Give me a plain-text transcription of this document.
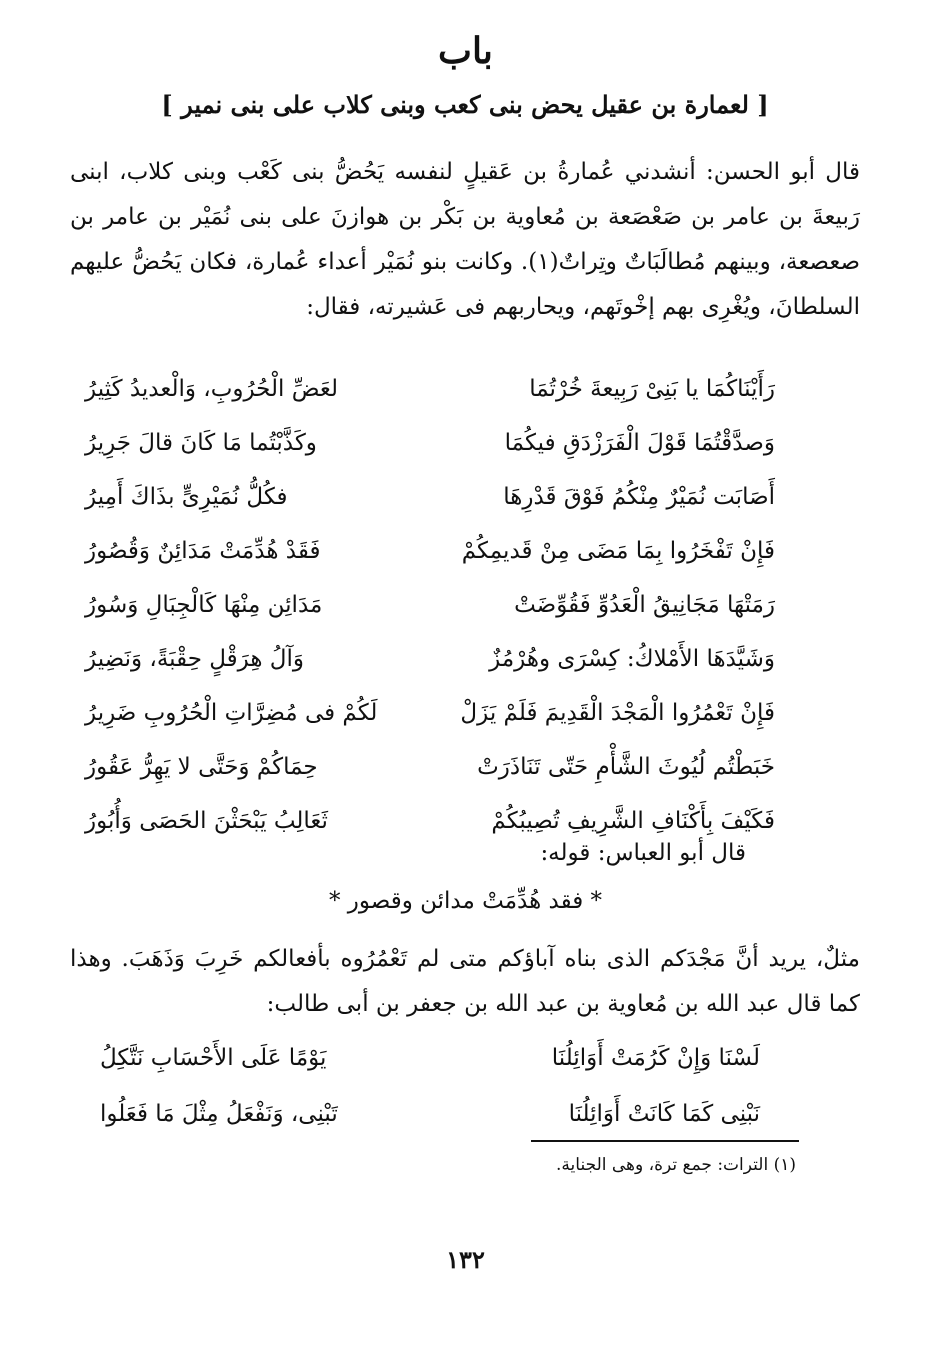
باب
[ لعمارة بن عقيل يحض بنى كعب وبنى كلاب على بنى نمير ]
قال أبو الحسن: أنشدني عُمارةُ بن عَقيلٍ لنفسه يَحُضُّ بنى كَعْب وبنى كلاب، ابنى رَبيعةَ بن عامر بن صَعْصَعة بن مُعاوية بن بَكْر بن هوازنَ على بنى نُمَيْر بن عامر بن صعصعة، وبينهم مُطالَبَاتٌ وتِراتٌ(١). وكانت بنو نُمَيْر أعداء عُمارة، فكان يَحُضُّ عليهم السلطانَ، ويُغْرِى بهم إخْوتَهم، ويحاربهم فى عَشيرته، فقال:
رَأَيْنَاكُمَا يا بَنِىْ رَبِيعةَ خُرْتُمَا
لعَضِّ الْحُرُوبِ، وَالْعديدُ كَثِيرُ
وَصدَّقْتُمَا قَوْلَ الْفَرَزْدَقِ فيكُمَا
وكَذَّبْتُما مَا كَانَ قالَ جَرِيرُ
أَصَابَت نُمَيْرٌ مِنْكُمُ فَوْقَ قَدْرِهَا
فكُلُّ نُمَيْرِىٍّ بذَاكَ أَمِيرُ
فَإِنْ تَفْخَرُوا بِمَا مَضَى مِنْ قَديمِكُمْ
فَقَدْ هُدِّمَتْ مَدَائِنٌ وَقُصُورُ
رَمَتْهَا مَجَانِيقُ الْعَدُوِّ فَقُوِّضَتْ
مَدَائِن مِنْهَا كَالْجِبَالِ وَسُورُ
وَشَيَّدَهَا الأَمْلاكُ: كِسْرَى وهُرْمُزٌ
وَآلُ هِرَقْلٍ حِقْبَةً، وَنَضِيرُ
فَإِنْ تَعْمُرُوا الْمَجْدَ الْقَدِيمَ فَلَمْ يَزَلْ
لَكُمْ فى مُضِرَّاتِ الْحُرُوبِ ضَرِيرُ
خَبَطْتُم لُيُوثَ الشَّأْمِ حَتّى تَنَاذَرَتْ
حِمَاكُمْ وَحَتَّى لا يَهِرُّ عَقُورُ
فَكَيْفَ بِأَكْنَافِ الشَّرِيفِ تُصِيبُكُمْ
ثَعَالِبُ يَبْحَثْنَ الحَصَى وَأُبُورُ
قال أبو العباس: قوله:
* فقد هُدِّمَتْ مدائن وقصور *
مثلٌ، يريد أنَّ مَجْدَكم الذى بناه آباؤكم متى لم تَعْمُرُوه بأفعالكم خَرِبَ وَذَهَبَ. وهذا كما قال عبد الله بن مُعاوية بن عبد الله بن جعفر بن أبى طالب:
لَسْنَا وَإِنْ كَرُمَتْ أَوَائِلُنَا
يَوْمًا عَلَى الأَحْسَابِ نَتَّكِلُ
نَبْنِى كَمَا كَانَتْ أَوَائِلُنَا
تَبْنِى، وَنَفْعَلُ مِثْلَ مَا فَعَلُوا
(١) الترات: جمع ترة، وهى الجناية.
١٣٢
